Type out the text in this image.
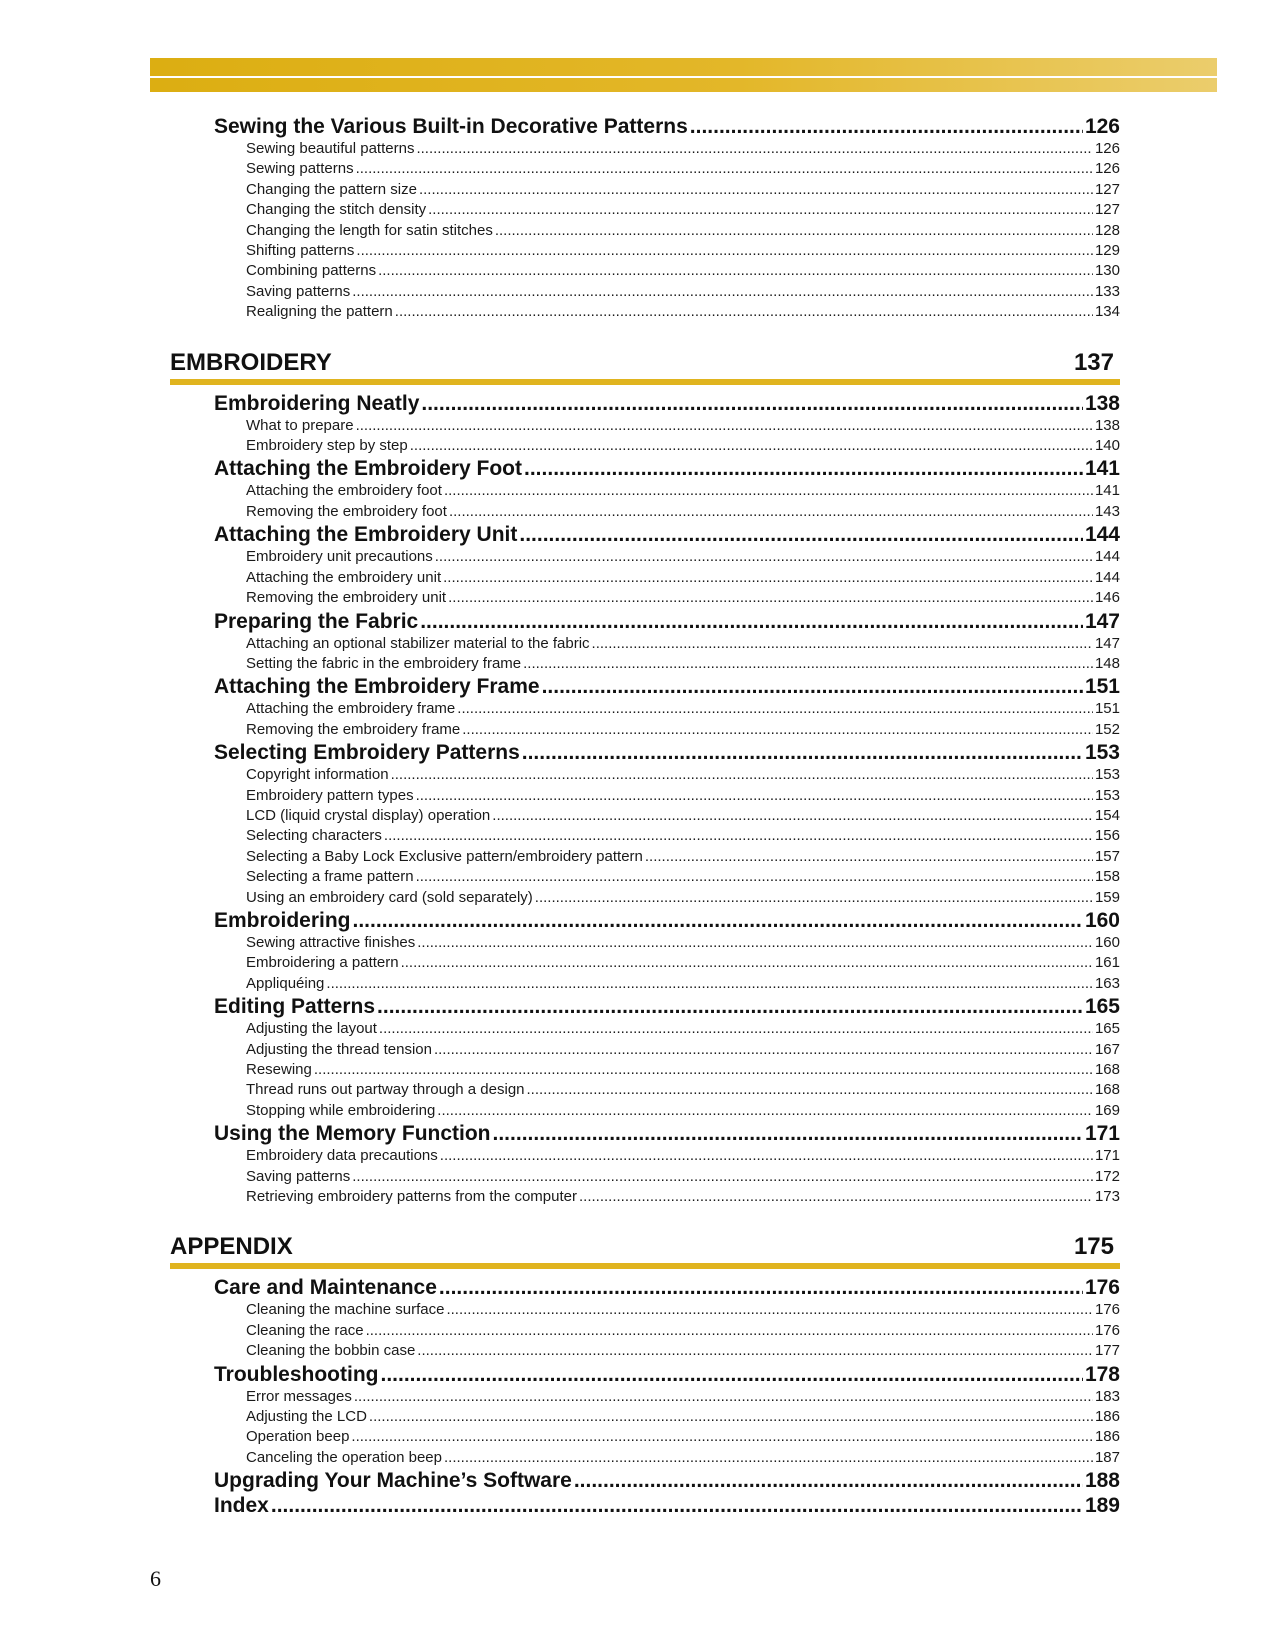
Sewing the Various Built-in Decorative Patterns .....	126
Sewing beautiful patterns .....	126
Sewing patterns .....	126
Changing the pattern size .....	127
Changing the stitch density .....	127
Changing the length for satin stitches .....	128
Shifting patterns .....	129
Combining patterns .....	130
Saving patterns .....	133
Realigning the pattern .....	134
EMBROIDERY	137
Embroidering Neatly .....	138
What to prepare .....	138
Embroidery step by step .....	140
Attaching the Embroidery Foot .....	141
Attaching the embroidery foot .....	141
Removing the embroidery foot .....	143
Attaching the Embroidery Unit .....	144
Embroidery unit precautions .....	144
Attaching the embroidery unit .....	144
Removing the embroidery unit .....	146
Preparing the Fabric .....	147
Attaching an optional stabilizer material to the fabric .....	147
Setting the fabric in the embroidery frame .....	148
Attaching the Embroidery Frame .....	151
Attaching the embroidery frame .....	151
Removing the embroidery frame .....	152
Selecting Embroidery Patterns .....	153
Copyright information .....	153
Embroidery pattern types .....	153
LCD (liquid crystal display) operation .....	154
Selecting characters .....	156
Selecting a Baby Lock Exclusive pattern/embroidery pattern .....	157
Selecting a frame pattern .....	158
Using an embroidery card (sold separately) .....	159
Embroidering .....	160
Sewing attractive finishes .....	160
Embroidering a pattern .....	161
Appliquéing .....	163
Editing Patterns .....	165
Adjusting the layout .....	165
Adjusting the thread tension .....	167
Resewing .....	168
Thread runs out partway through a design .....	168
Stopping while embroidering .....	169
Using the Memory Function .....	171
Embroidery data precautions .....	171
Saving patterns .....	172
Retrieving embroidery patterns from the computer .....	173
APPENDIX	175
Care and Maintenance .....	176
Cleaning the machine surface .....	176
Cleaning the race .....	176
Cleaning the bobbin case .....	177
Troubleshooting .....	178
Error messages .....	183
Adjusting the LCD .....	186
Operation beep .....	186
Canceling the operation beep .....	187
Upgrading Your Machine’s Software .....	188
Index .....	189
6
